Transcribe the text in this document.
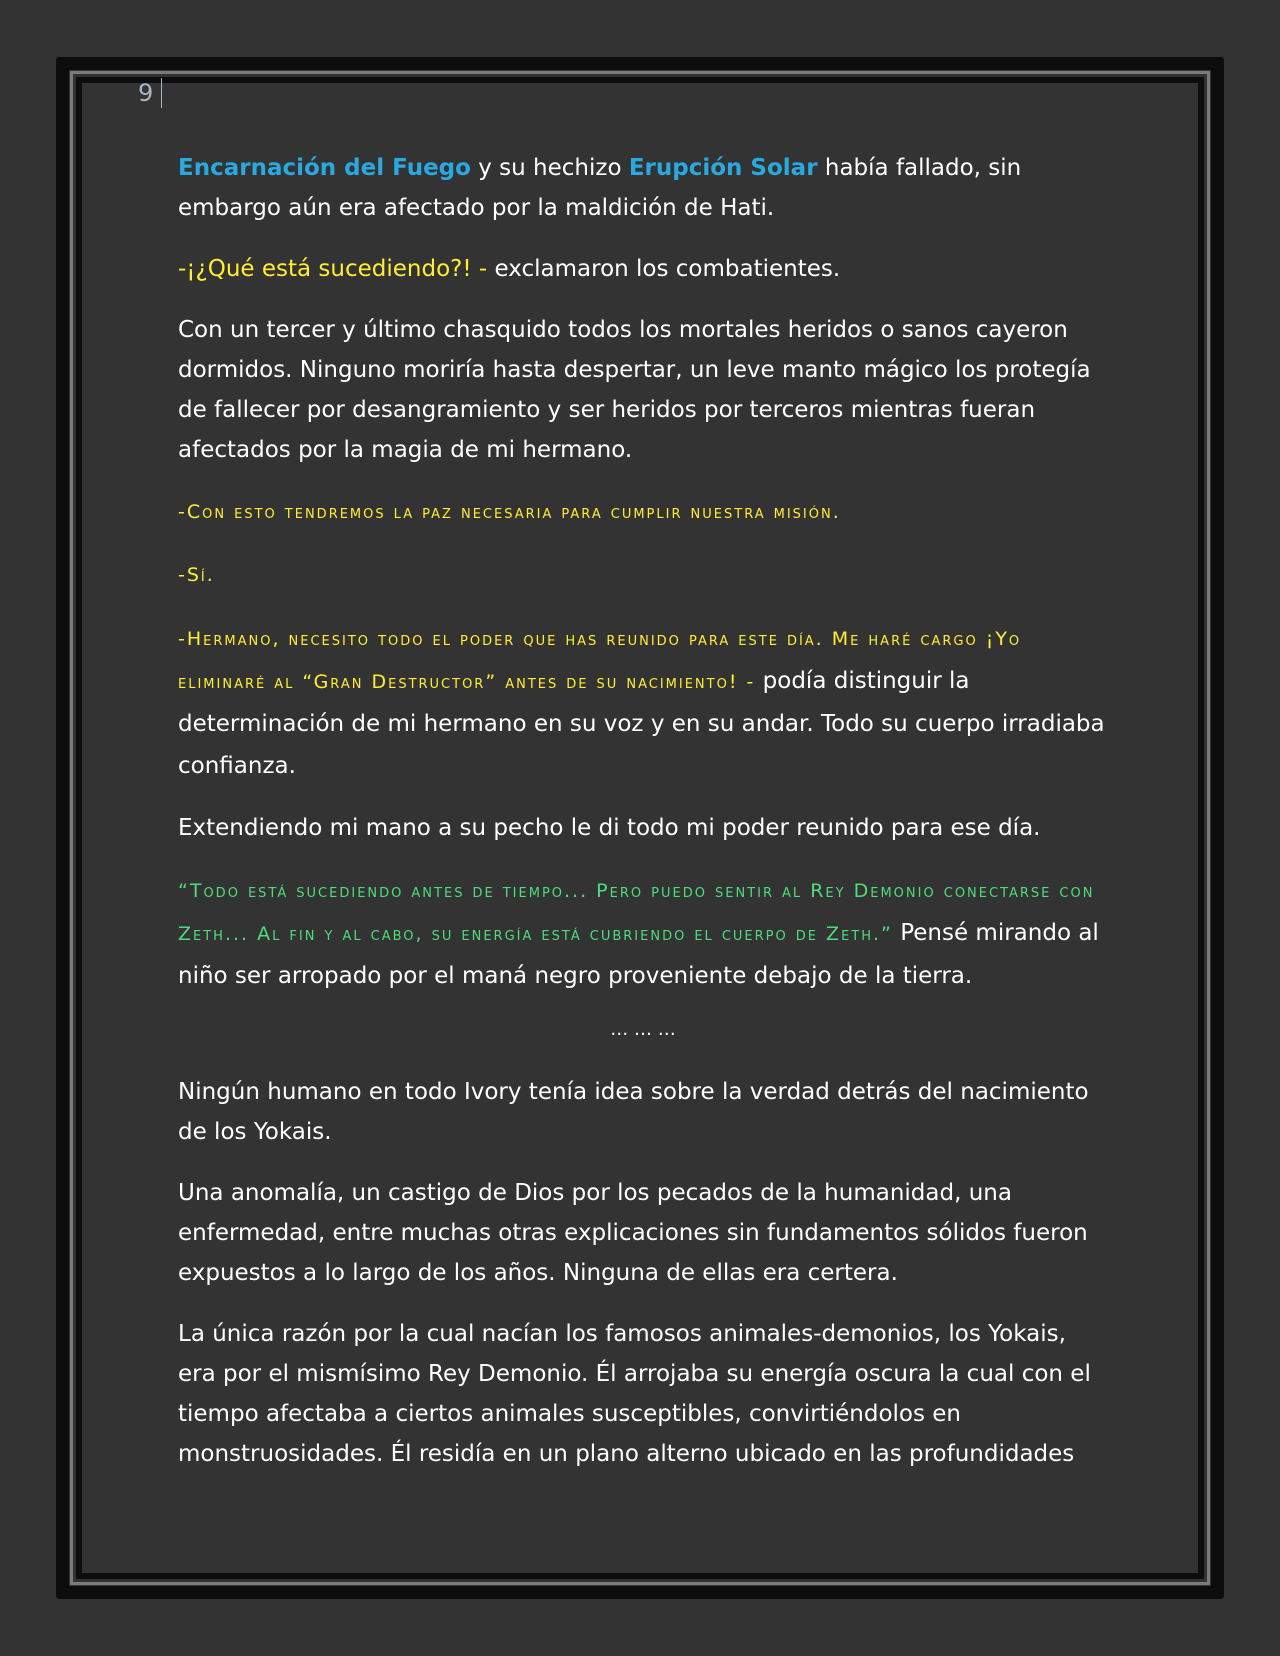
9

Encarnación del Fuego y su hechizo Erupción Solar había fallado, sin embargo aún era afectado por la maldición de Hati.

-¡¿Qué está sucediendo?! - exclamaron los combatientes.

Con un tercer y último chasquido todos los mortales heridos o sanos cayeron dormidos. Ninguno moriría hasta despertar, un leve manto mágico los protegía de fallecer por desangramiento y ser heridos por terceros mientras fueran afectados por la magia de mi hermano.

-Con esto tendremos la paz necesaria para cumplir nuestra misión.

-Sí.

-Hermano, necesito todo el poder que has reunido para este día. Me haré cargo ¡Yo eliminaré al “Gran Destructor” antes de su nacimiento! - podía distinguir la determinación de mi hermano en su voz y en su andar. Todo su cuerpo irradiaba confianza.

Extendiendo mi mano a su pecho le di todo mi poder reunido para ese día.

“Todo está sucediendo antes de tiempo... Pero puedo sentir al Rey Demonio conectarse con Zeth... Al fin y al cabo, su energía está cubriendo el cuerpo de Zeth.” Pensé mirando al niño ser arropado por el maná negro proveniente debajo de la tierra.

… … …

Ningún humano en todo Ivory tenía idea sobre la verdad detrás del nacimiento de los Yokais.

Una anomalía, un castigo de Dios por los pecados de la humanidad, una enfermedad, entre muchas otras explicaciones sin fundamentos sólidos fueron expuestos a lo largo de los años. Ninguna de ellas era certera.

La única razón por la cual nacían los famosos animales-demonios, los Yokais, era por el mismísimo Rey Demonio. Él arrojaba su energía oscura la cual con el tiempo afectaba a ciertos animales susceptibles, convirtiéndolos en monstruosidades. Él residía en un plano alterno ubicado en las profundidades
